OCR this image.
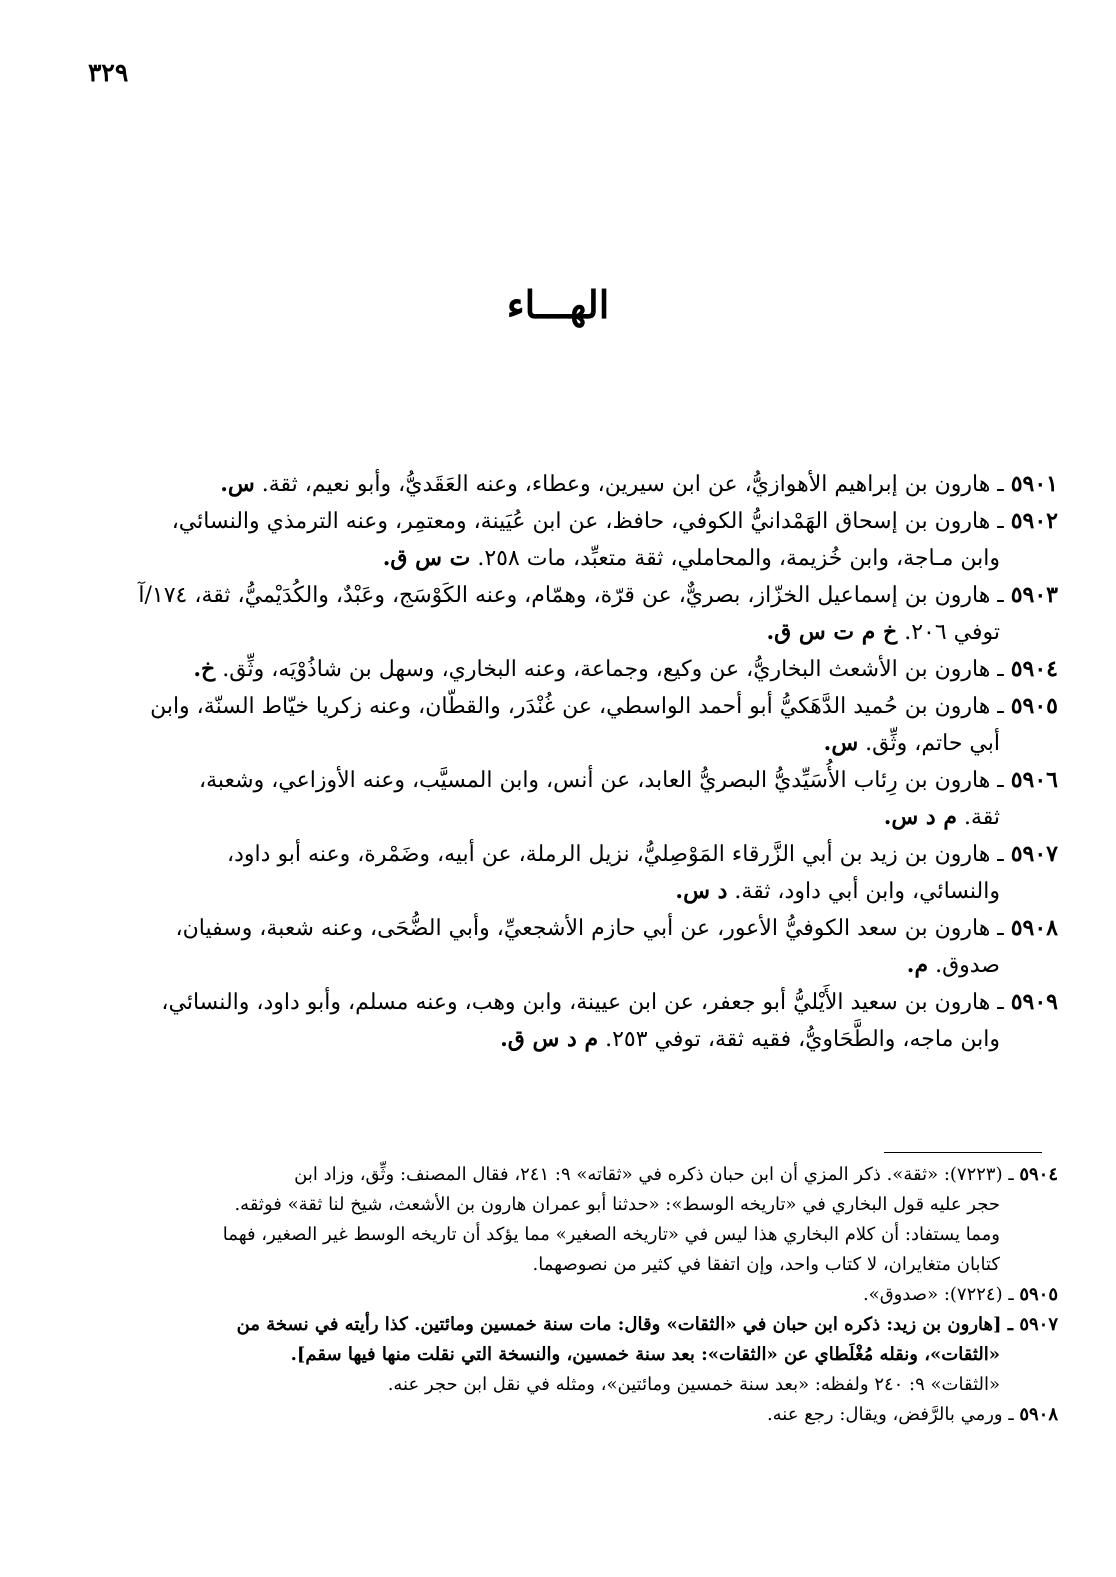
٣٢٩
الهـــاء
٥٩٠١ ـ هارون بن إبراهيم الأهوازيُّ، عن ابن سيرين، وعطاء، وعنه العَقَديُّ، وأبو نعيم، ثقة. س.
٥٩٠٢ ـ هارون بن إسحاق الهَمْدانيُّ الكوفي، حافظ، عن ابن عُيَينة، ومعتمِر، وعنه الترمذي والنسائي،
وابن مـاجة، وابن خُزيمة، والمحاملي، ثقة متعبِّد، مات ٢٥٨. ت س ق.
٥٩٠٣ ـ هارون بن إسماعيل الخزّاز، بصريٌّ، عن قرّة، وهمّام، وعنه الكَوْسَج، وعَبْدٌ، والكُدَيْميُّ، ثقة، ١٧٤/آ
توفي ٢٠٦. خ م ت س ق.
٥٩٠٤ ـ هارون بن الأشعث البخاريُّ، عن وكيع، وجماعة، وعنه البخاري، وسهل بن شاذُوْيَه، وثِّق. خ.
٥٩٠٥ ـ هارون بن حُميد الدَّهَكيُّ أبو أحمد الواسطي، عن غُنْدَر، والقطّان، وعنه زكريا خيّاط السنّة، وابن
أبي حاتم، وثِّق. س.
٥٩٠٦ ـ هارون بن رِئاب الأُسَيِّديُّ البصريُّ العابد، عن أنس، وابن المسيَّب، وعنه الأوزاعي، وشعبة،
ثقة. م د س.
٥٩٠٧ ـ هارون بن زيد بن أبي الزَّرقاء المَوْصِليُّ، نزيل الرملة، عن أبيه، وضَمْرة، وعنه أبو داود،
والنسائي، وابن أبي داود، ثقة. د س.
٥٩٠٨ ـ هارون بن سعد الكوفيُّ الأعور، عن أبي حازم الأشجعيِّ، وأبي الضُّحَى، وعنه شعبة، وسفيان،
صدوق. م.
٥٩٠٩ ـ هارون بن سعيد الأَيْليُّ أبو جعفر، عن ابن عيينة، وابن وهب، وعنه مسلم، وأبو داود، والنسائي،
وابن ماجه، والطَّحَاويُّ، فقيه ثقة، توفي ٢٥٣. م د س ق.
٥٩٠٤ ـ (٧٢٢٣): «ثقة». ذكر المزي أن ابن حبان ذكره في «ثقاته» ٩: ٢٤١، فقال المصنف: وثِّق، وزاد ابن
حجر عليه قول البخاري في «تاريخه الوسط»: «حدثنا أبو عمران هارون بن الأشعث، شيخ لنا ثقة» فوثقه.
ومما يستفاد: أن كلام البخاري هذا ليس في «تاريخه الصغير» مما يؤكد أن تاريخه الوسط غير الصغير، فهما
كتابان متغايران، لا كتاب واحد، وإن اتفقا في كثير من نصوصهما.
٥٩٠٥ ـ (٧٢٢٤): «صدوق».
٥٩٠٧ ـ [هارون بن زيد: ذكره ابن حبان في «الثقات» وقال: مات سنة خمسين ومائتين. كذا رأيته في نسخة من
«الثقات»، ونقله مُغْلَطاي عن «الثقات»: بعد سنة خمسين، والنسخة التي نقلت منها فيها سقم].
«الثقات» ٩: ٢٤٠ ولفظه: «بعد سنة خمسين ومائتين»، ومثله في نقل ابن حجر عنه.
٥٩٠٨ ـ ورمي بالرَّفض، ويقال: رجع عنه.
